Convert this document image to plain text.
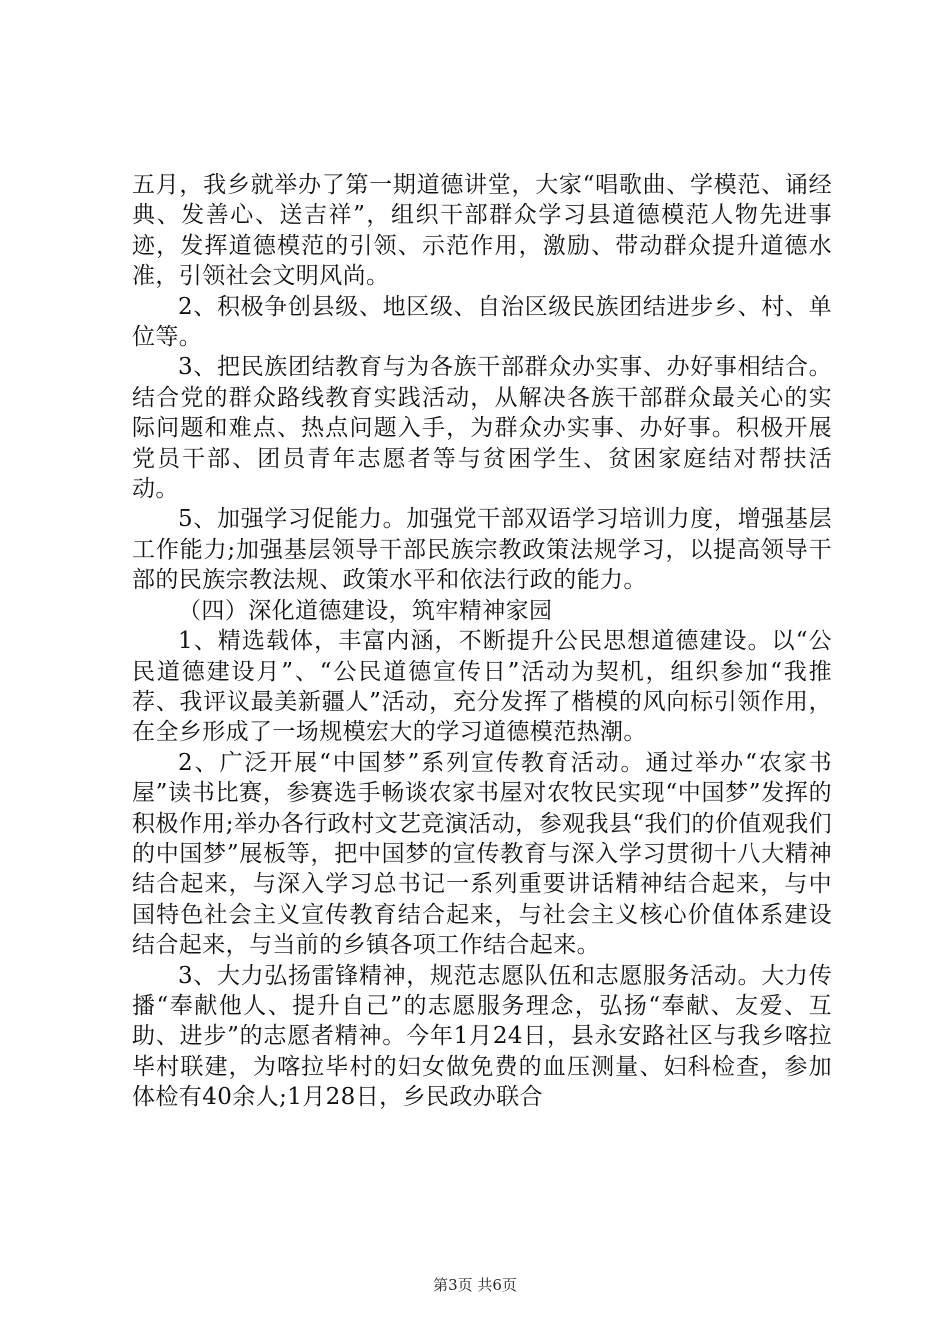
五月，我乡就举办了第一期道德讲堂，大家“唱歌曲、学模范、诵经典、发善心、送吉祥”，组织干部群众学习县道德模范人物先进事迹，发挥道德模范的引领、示范作用，激励、带动群众提升道德水准，引领社会文明风尚。

2、积极争创县级、地区级、自治区级民族团结进步乡、村、单位等。

3、把民族团结教育与为各族干部群众办实事、办好事相结合。结合党的群众路线教育实践活动，从解决各族干部群众最关心的实际问题和难点、热点问题入手，为群众办实事、办好事。积极开展党员干部、团员青年志愿者等与贫困学生、贫困家庭结对帮扶活动。

5、加强学习促能力。加强党干部双语学习培训力度，增强基层工作能力;加强基层领导干部民族宗教政策法规学习，以提高领导干部的民族宗教法规、政策水平和依法行政的能力。

（四）深化道德建设，筑牢精神家园

1、精选载体，丰富内涵，不断提升公民思想道德建设。以“公民道德建设月”、“公民道德宣传日”活动为契机，组织参加“我推荐、我评议最美新疆人”活动，充分发挥了楷模的风向标引领作用，在全乡形成了一场规模宏大的学习道德模范热潮。

2、广泛开展“中国梦”系列宣传教育活动。通过举办“农家书屋”读书比赛，参赛选手畅谈农家书屋对农牧民实现“中国梦”发挥的积极作用;举办各行政村文艺竞演活动，参观我县“我们的价值观我们的中国梦”展板等，把中国梦的宣传教育与深入学习贯彻十八大精神结合起来，与深入学习总书记一系列重要讲话精神结合起来，与中国特色社会主义宣传教育结合起来，与社会主义核心价值体系建设结合起来，与当前的乡镇各项工作结合起来。

3、大力弘扬雷锋精神，规范志愿队伍和志愿服务活动。大力传播“奉献他人、提升自己”的志愿服务理念，弘扬“奉献、友爱、互助、进步”的志愿者精神。今年1月24日，县永安路社区与我乡喀拉毕村联建，为喀拉毕村的妇女做免费的血压测量、妇科检查，参加体检有40余人;1月28日，乡民政办联合

第3页 共6页
